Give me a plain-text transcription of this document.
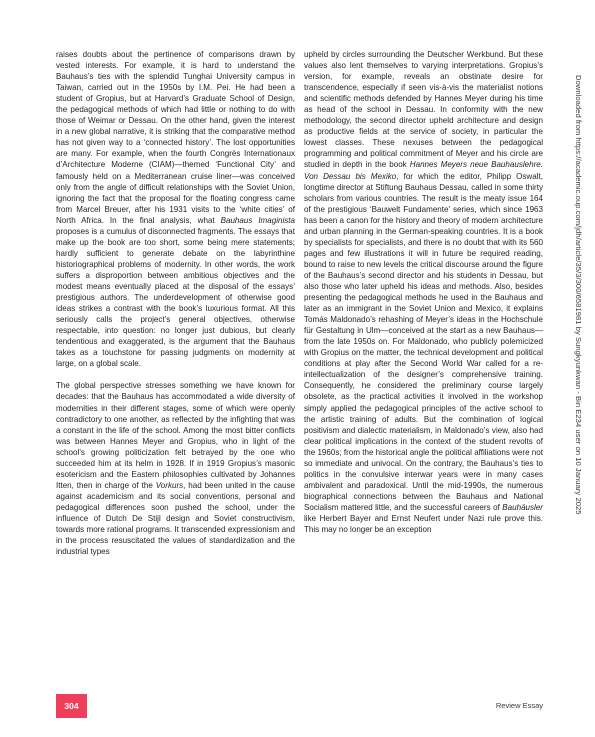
raises doubts about the pertinence of comparisons drawn by vested interests. For example, it is hard to understand the Bauhaus’s ties with the splendid Tunghai University campus in Taiwan, carried out in the 1950s by I.M. Pei. He had been a student of Gropius, but at Harvard’s Graduate School of Design, the pedagogical methods of which had little or nothing to do with those of Weimar or Dessau. On the other hand, given the interest in a new global narrative, it is striking that the comparative method has not given way to a ‘connected history’. The lost opportunities are many. For example, when the fourth Congrès Internationaux d’Architecture Moderne (CIAM)—themed ‘Functional City’ and famously held on a Mediterranean cruise liner—was conceived only from the angle of difficult relationships with the Soviet Union, ignoring the fact that the proposal for the floating congress came from Marcel Breuer, after his 1931 visits to the ‘white cities’ of North Africa. In the final analysis, what Bauhaus Imaginista proposes is a cumulus of disconnected fragments. The essays that make up the book are too short, some being mere statements; hardly sufficient to generate debate on the labyrinthine historiographical problems of modernity. In other words, the work suffers a disproportion between ambitious objectives and the modest means eventually placed at the disposal of the essays’ prestigious authors. The underdevelopment of otherwise good ideas strikes a contrast with the book’s luxurious format. All this seriously calls the project’s general objectives, otherwise respectable, into question: no longer just dubious, but clearly tendentious and exaggerated, is the argument that the Bauhaus takes as a touchstone for passing judgments on modernity at large, on a global scale.

The global perspective stresses something we have known for decades: that the Bauhaus has accommodated a wide diversity of modernities in their different stages, some of which were openly contradictory to one another, as reflected by the infighting that was a constant in the life of the school. Among the most bitter conflicts was between Hannes Meyer and Gropius, who in light of the school’s growing politicization felt betrayed by the one who succeeded him at its helm in 1928. If in 1919 Gropius’s masonic esotericism and the Eastern philosophies cultivated by Johannes Itten, then in charge of the Vorkurs, had been united in the cause against academicism and its social conventions, personal and pedagogical differences soon pushed the school, under the influence of Dutch De Stijl design and Soviet constructivism, towards more rational programs. It transcended expressionism and in the process resuscitated the values of standardization and the industrial types

upheld by circles surrounding the Deutscher Werkbund. But these values also lent themselves to varying interpretations. Gropius’s version, for example, reveals an obstinate desire for transcendence, especially if seen vis-à-vis the materialist notions and scientific methods defended by Hannes Meyer during his time as head of the school in Dessau. In conformity with the new methodology, the second director upheld architecture and design as productive fields at the service of society, in particular the lowest classes. These nexuses between the pedagogical programming and political commitment of Meyer and his circle are studied in depth in the book Hannes Meyers neue Bauhauslehre. Von Dessau bis Mexiko, for which the editor, Philipp Oswalt, longtime director at Stiftung Bauhaus Dessau, called in some thirty scholars from various countries. The result is the meaty issue 164 of the prestigious ‘Bauwelt Fundamente’ series, which since 1963 has been a canon for the history and theory of modern architecture and urban planning in the German-speaking countries. It is a book by specialists for specialists, and there is no doubt that with its 560 pages and few illustrations it will in future be required reading, bound to raise to new levels the critical discourse around the figure of the Bauhaus’s second director and his students in Dessau, but also those who later upheld his ideas and methods. Also, besides presenting the pedagogical methods he used in the Bauhaus and later as an immigrant in the Soviet Union and Mexico, it explains Tomás Maldonado’s rehashing of Meyer’s ideas in the Hochschule für Gestaltung in Ulm—conceived at the start as a new Bauhaus—from the late 1950s on. For Maldonado, who publicly polemicized with Gropius on the matter, the technical development and political conditions at play after the Second World War called for a re-intellectualization of the designer’s comprehensive training. Consequently, he considered the preliminary course largely obsolete, as the practical activities it involved in the workshop simply applied the pedagogical principles of the active school to the artistic training of adults. But the combination of logical positivism and dialectic materialism, in Maldonado’s view, also had clear political implications in the context of the student revolts of the 1960s; from the historical angle the political affiliations were not so immediate and univocal. On the contrary, the Bauhaus’s ties to politics in the convulsive interwar years were in many cases ambivalent and paradoxical. Until the mid-1990s, the numerous biographical connections between the Bauhaus and National Socialism mattered little, and the successful careers of Bauhäusler like Herbert Bayer and Ernst Neufert under Nazi rule prove this. This may no longer be an exception

Downloaded from https://academic.oup.com/jdh/article/35/3/300/6581981 by Sungkyunkwan - Bin E234 user on 10 January 2025
304	Review Essay
